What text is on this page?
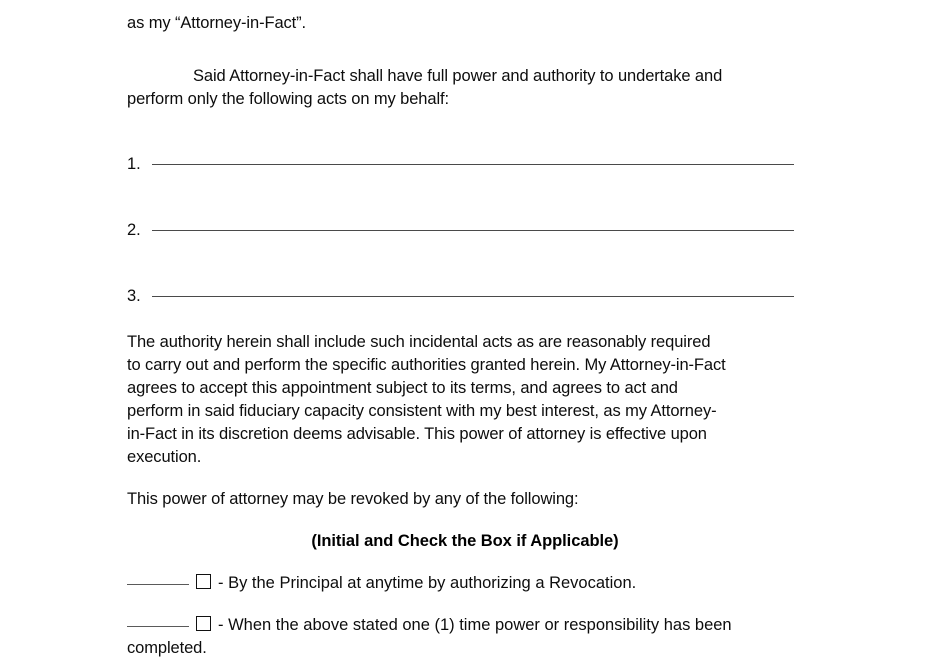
as my “Attorney-in-Fact”.
Said Attorney-in-Fact shall have full power and authority to undertake and
perform only the following acts on my behalf:
1.
2.
3.
The authority herein shall include such incidental acts as are reasonably required
to carry out and perform the specific authorities granted herein. My Attorney-in-Fact
agrees to accept this appointment subject to its terms, and agrees to act and
perform in said fiduciary capacity consistent with my best interest, as my Attorney-
in-Fact in its discretion deems advisable. This power of attorney is effective upon
execution.
This power of attorney may be revoked by any of the following:
(Initial and Check the Box if Applicable)
- By the Principal at anytime by authorizing a Revocation.
- When the above stated one (1) time power or responsibility has been
completed.
